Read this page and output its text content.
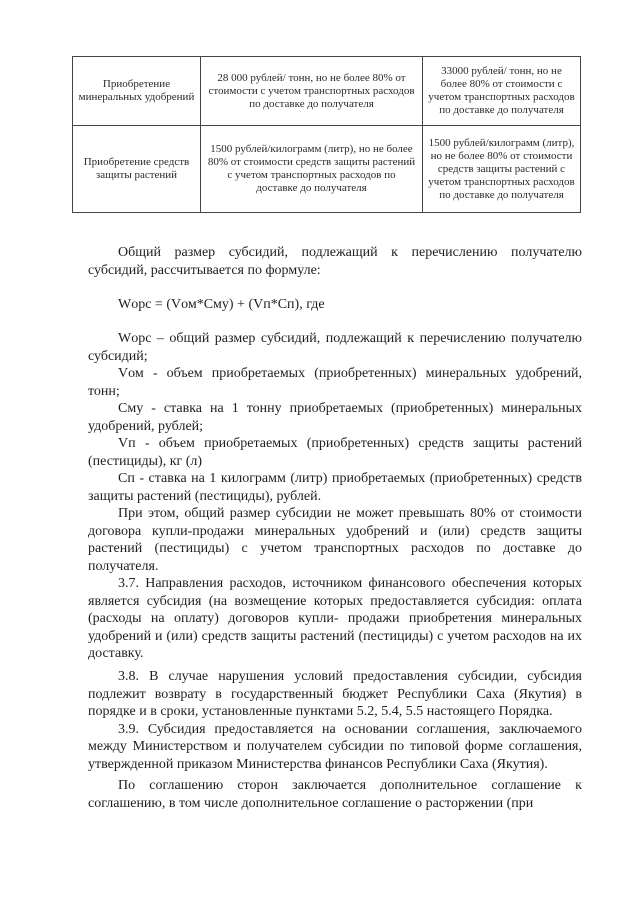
Приобретение минеральных удобрений	28 000 рублей/ тонн, но не более 80% от стоимости с учетом транспортных расходов по доставке до получателя	33000 рублей/ тонн, но не более 80% от стоимости с учетом транспортных расходов по доставке до получателя
Приобретение средств защиты растений	1500 рублей/килограмм (литр), но не более 80% от стоимости средств защиты растений с учетом транспортных расходов по доставке до получателя	1500 рублей/килограмм (литр), но не более 80% от стоимости средств защиты растений с учетом транспортных расходов по доставке до получателя

Общий размер субсидий, подлежащий к перечислению получателю субсидий, рассчитывается по формуле:

Wорс = (Vом*Смy) + (Vп*Сп), где

Wорс – общий размер субсидий, подлежащий к перечислению получателю субсидий;

Vом - объем приобретаемых (приобретенных) минеральных удобрений, тонн;

Смy - ставка на 1 тонну приобретаемых (приобретенных) минеральных удобрений, рублей;

Vп - объем приобретаемых (приобретенных) средств защиты растений (пестициды), кг (л)

Сп - ставка на 1 килограмм (литр) приобретаемых (приобретенных) средств защиты растений (пестициды), рублей.

При этом, общий размер субсидии не может превышать 80% от стоимости договора купли-продажи минеральных удобрений и (или) средств защиты растений (пестициды) с учетом транспортных расходов по доставке до получателя.

3.7. Направления расходов, источником финансового обеспечения которых является субсидия (на возмещение которых предоставляется субсидия: оплата (расходы на оплату) договоров купли- продажи приобретения минеральных удобрений и (или) средств защиты растений (пестициды) с учетом расходов на их доставку.

3.8. В случае нарушения условий предоставления субсидии, субсидия подлежит возврату в государственный бюджет Республики Саха (Якутия) в порядке и в сроки, установленные пунктами 5.2, 5.4, 5.5 настоящего Порядка.

3.9. Субсидия предоставляется на основании соглашения, заключаемого между Министерством и получателем субсидии по типовой форме соглашения, утвержденной приказом Министерства финансов Республики Саха (Якутия).

По соглашению сторон заключается дополнительное соглашение к соглашению, в том числе дополнительное соглашение о расторжении (при
